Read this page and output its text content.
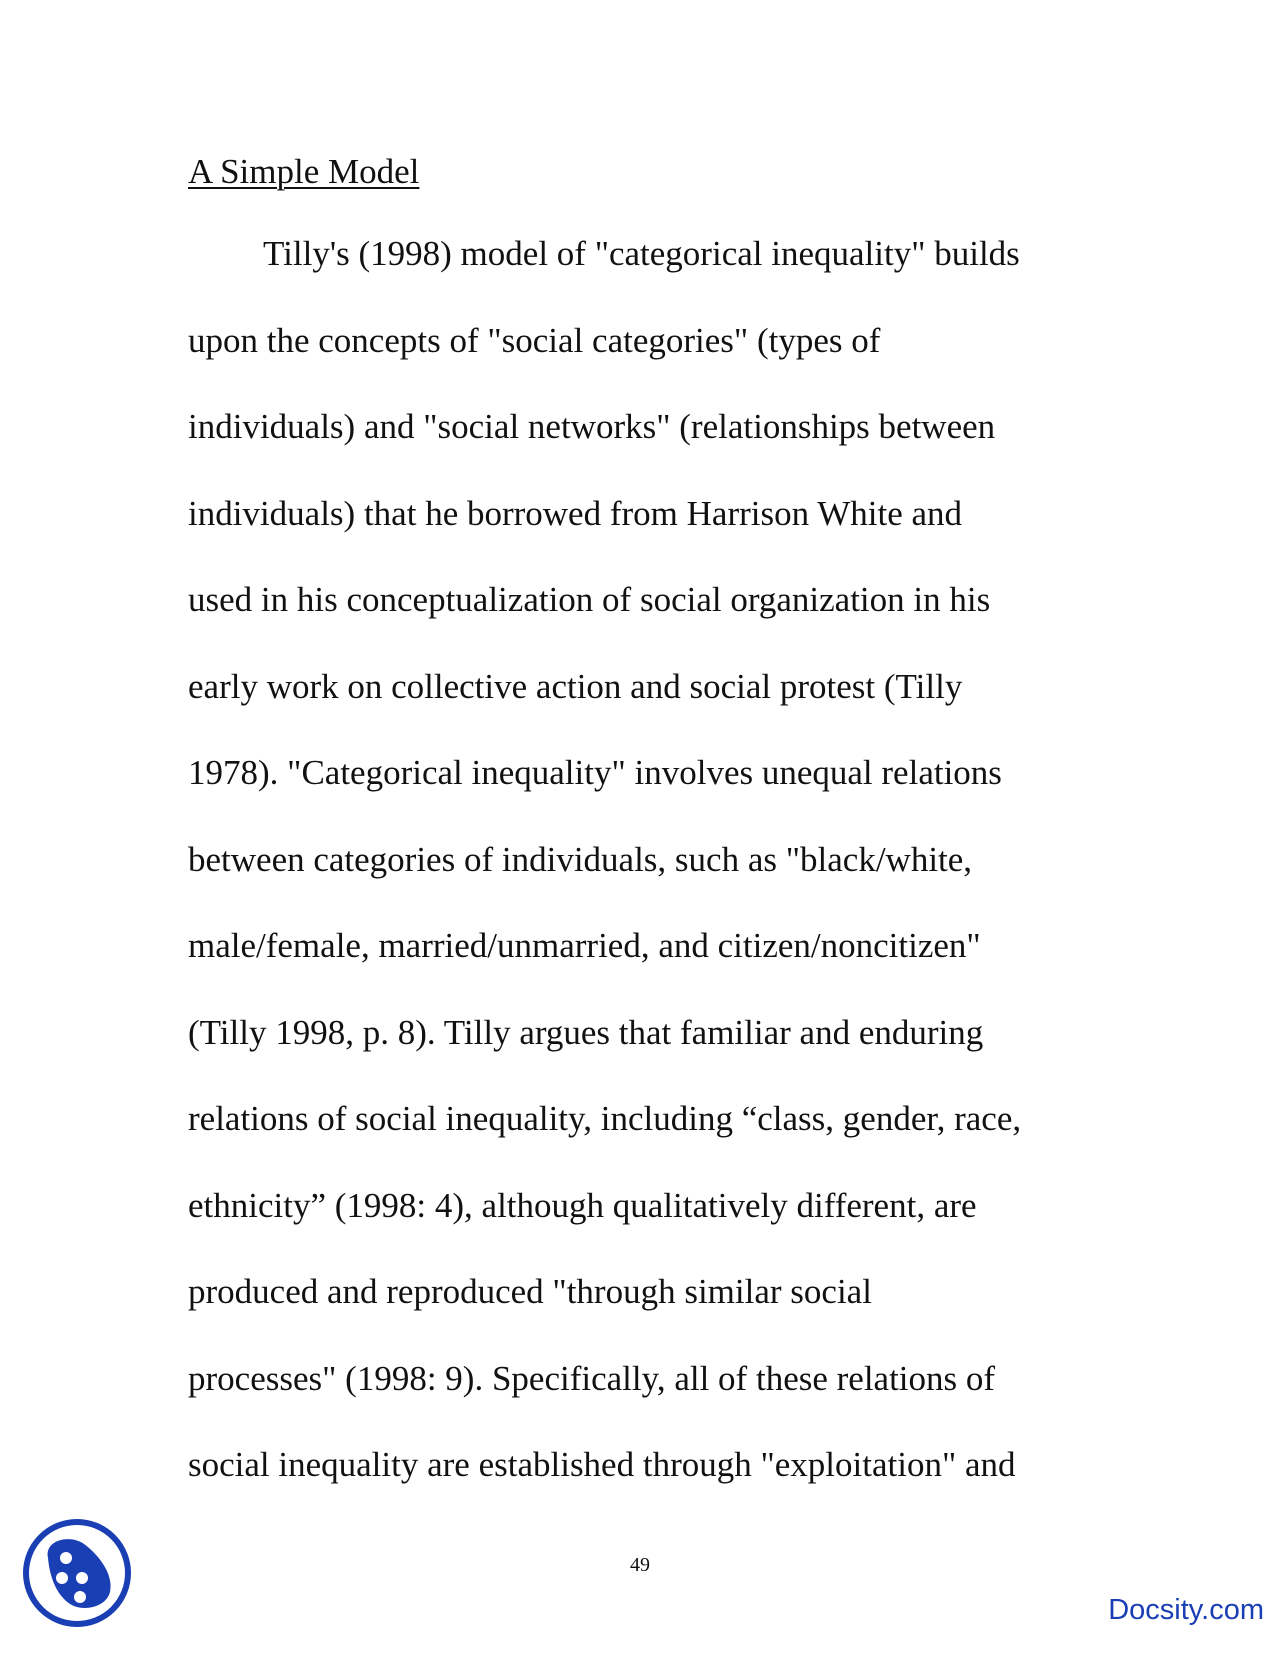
A Simple Model
Tilly's (1998) model of "categorical inequality" builds
upon the concepts of "social categories" (types of
individuals) and "social networks" (relationships between
individuals) that he borrowed from Harrison White and
used in his conceptualization of social organization in his
early work on collective action and social protest (Tilly
1978). "Categorical inequality" involves unequal relations
between categories of individuals, such as "black/white,
male/female, married/unmarried, and citizen/noncitizen"
(Tilly 1998, p. 8). Tilly argues that familiar and enduring
relations of social inequality, including “class, gender, race,
ethnicity” (1998: 4), although qualitatively different, are
produced and reproduced "through similar social
processes" (1998: 9). Specifically, all of these relations of
social inequality are established through "exploitation" and
49
Docsity.com
